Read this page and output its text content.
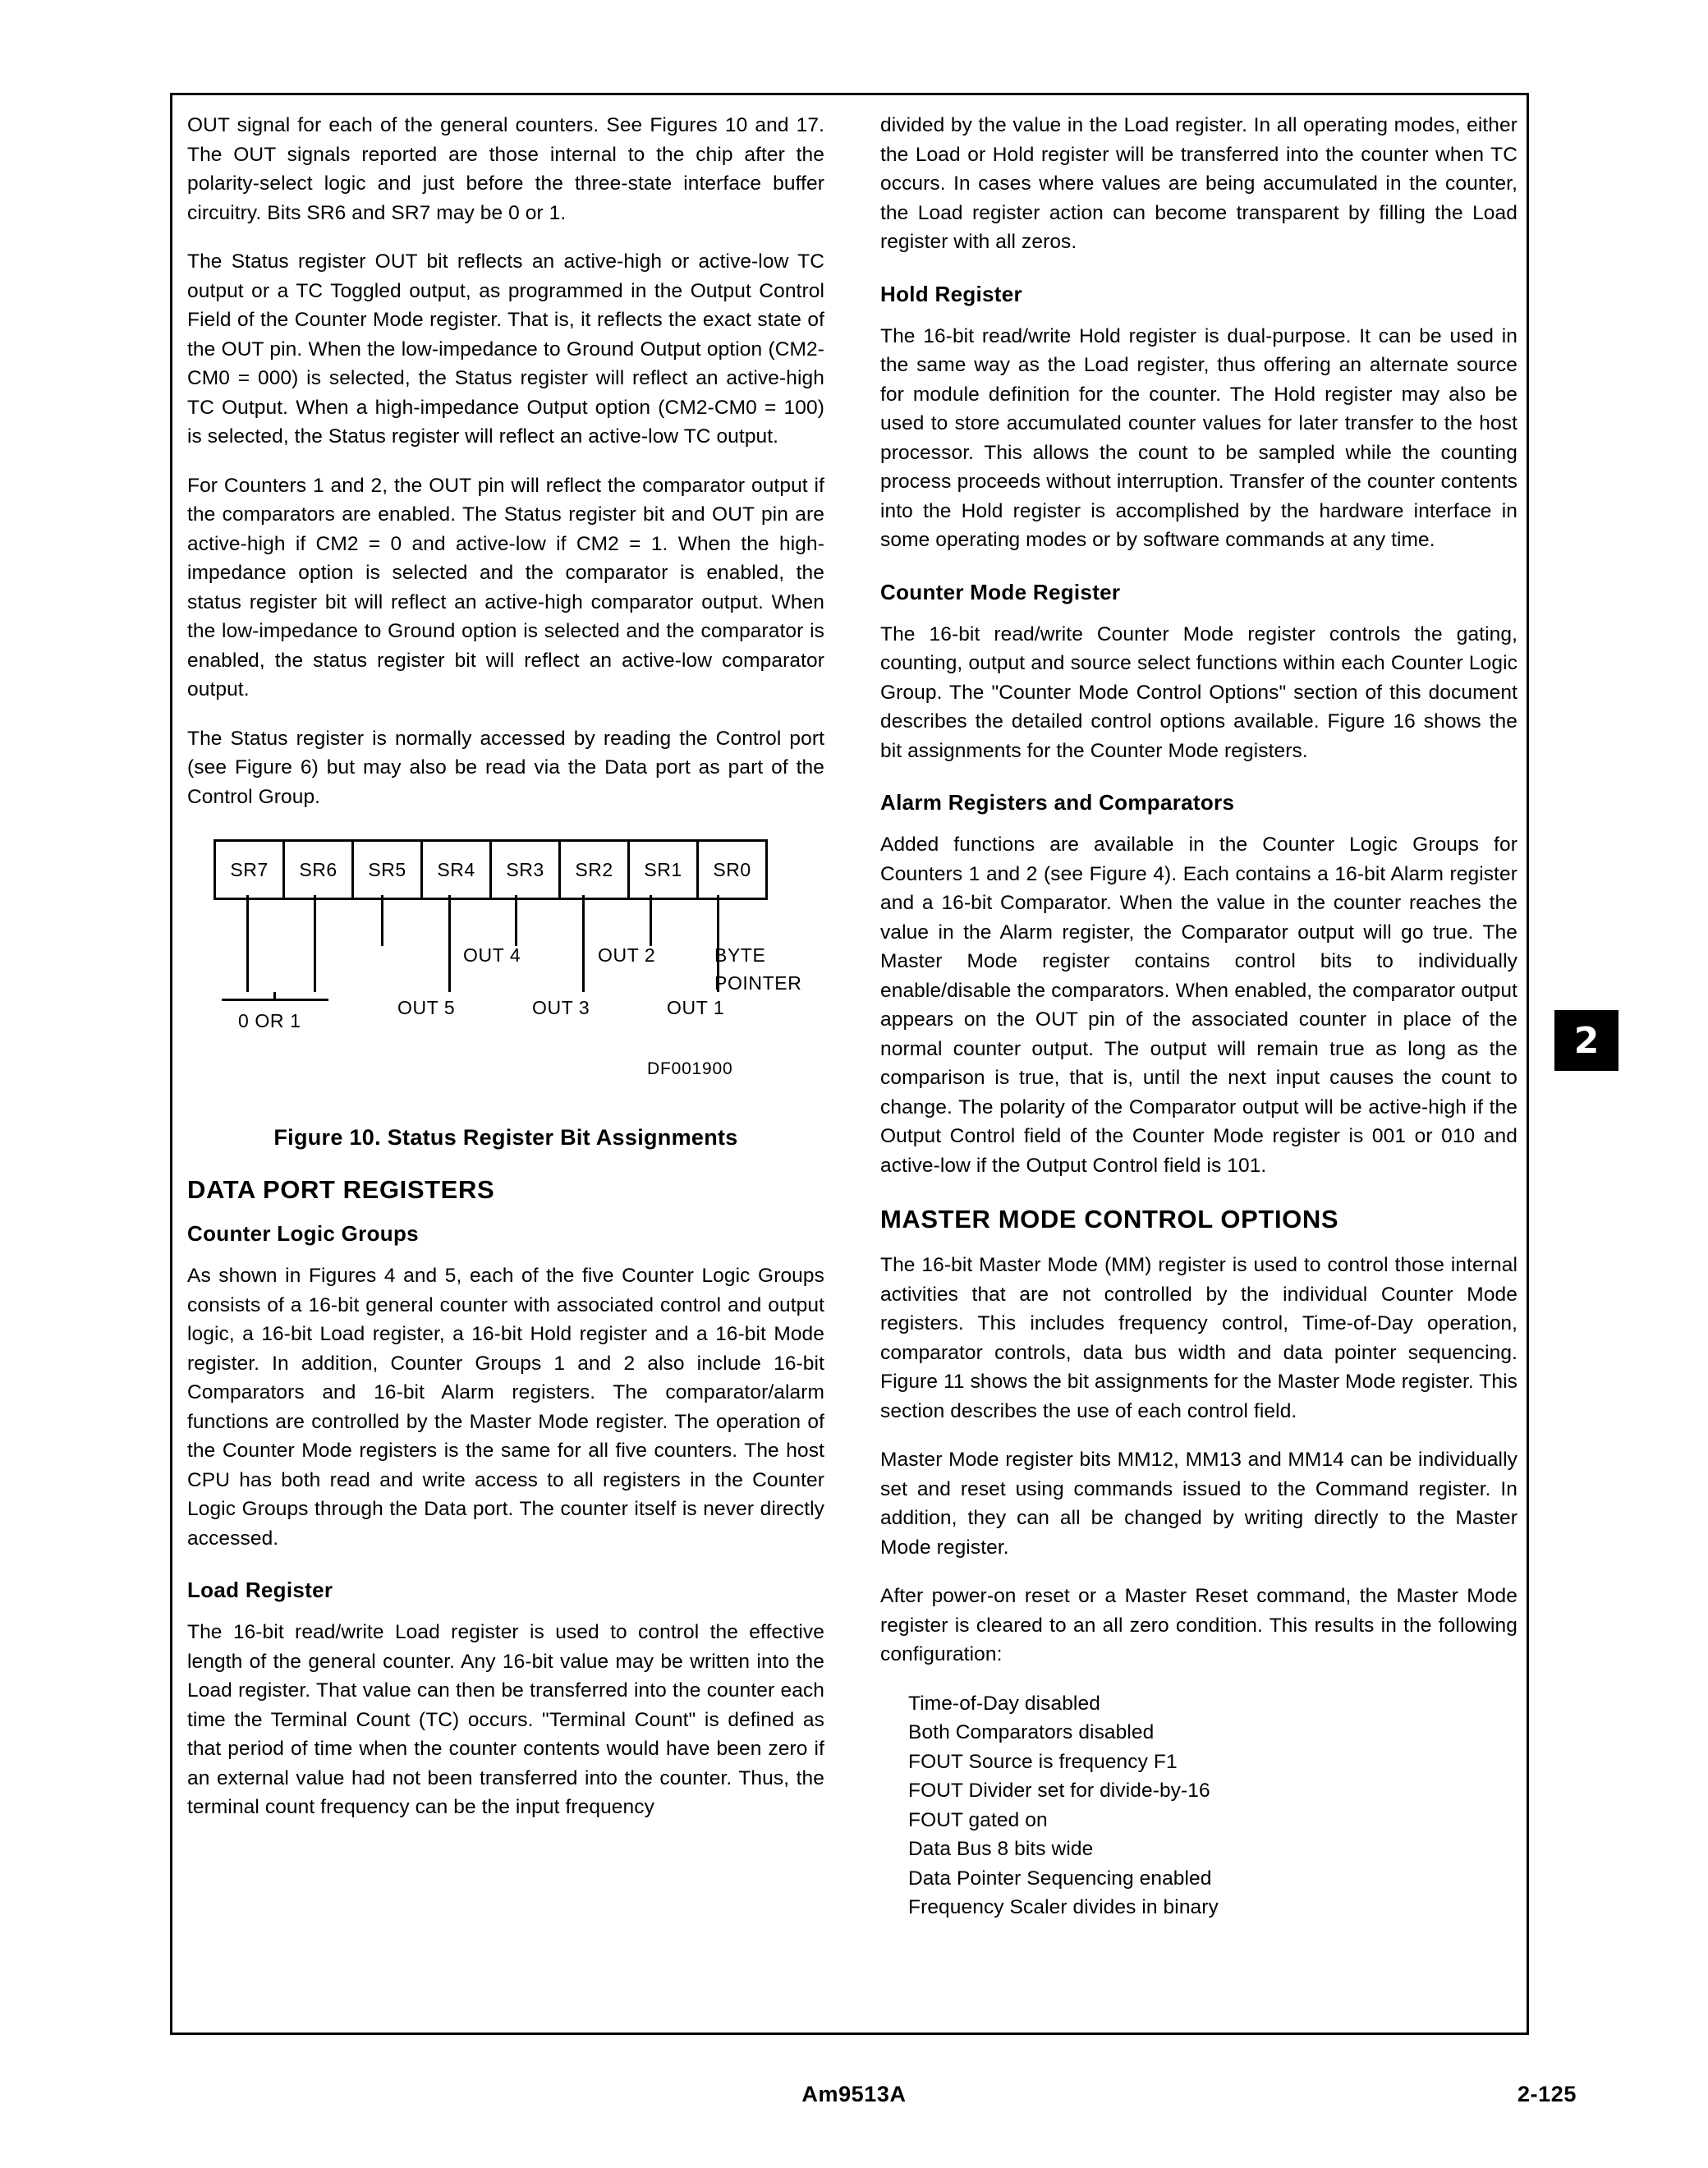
OUT signal for each of the general counters. See Figures 10 and 17. The OUT signals reported are those internal to the chip after the polarity-select logic and just before the three-state interface buffer circuitry. Bits SR6 and SR7 may be 0 or 1.

The Status register OUT bit reflects an active-high or active-low TC output or a TC Toggled output, as programmed in the Output Control Field of the Counter Mode register. That is, it reflects the exact state of the OUT pin. When the low-impedance to Ground Output option (CM2-CM0 = 000) is selected, the Status register will reflect an active-high TC Output. When a high-impedance Output option (CM2-CM0 = 100) is selected, the Status register will reflect an active-low TC output.

For Counters 1 and 2, the OUT pin will reflect the comparator output if the comparators are enabled. The Status register bit and OUT pin are active-high if CM2 = 0 and active-low if CM2 = 1. When the high-impedance option is selected and the comparator is enabled, the status register bit will reflect an active-high comparator output. When the low-impedance to Ground option is selected and the comparator is enabled, the status register bit will reflect an active-low comparator output.

The Status register is normally accessed by reading the Control port (see Figure 6) but may also be read via the Data port as part of the Control Group.

SR7	SR6	SR5	SR4	SR3	SR2	SR1	SR0
0 OR 1
OUT 4	OUT 2	BYTE
POINTER
OUT 5	OUT 3	OUT 1
DF001900
Figure 10. Status Register Bit Assignments
DATA PORT REGISTERS
Counter Logic Groups

As shown in Figures 4 and 5, each of the five Counter Logic Groups consists of a 16-bit general counter with associated control and output logic, a 16-bit Load register, a 16-bit Hold register and a 16-bit Mode register. In addition, Counter Groups 1 and 2 also include 16-bit Comparators and 16-bit Alarm registers. The comparator/alarm functions are controlled by the Master Mode register. The operation of the Counter Mode registers is the same for all five counters. The host CPU has both read and write access to all registers in the Counter Logic Groups through the Data port. The counter itself is never directly accessed.

Load Register

The 16-bit read/write Load register is used to control the effective length of the general counter. Any 16-bit value may be written into the Load register. That value can then be transferred into the counter each time the Terminal Count (TC) occurs. "Terminal Count" is defined as that period of time when the counter contents would have been zero if an external value had not been transferred into the counter. Thus, the terminal count frequency can be the input frequency

divided by the value in the Load register. In all operating modes, either the Load or Hold register will be transferred into the counter when TC occurs. In cases where values are being accumulated in the counter, the Load register action can become transparent by filling the Load register with all zeros.

Hold Register

The 16-bit read/write Hold register is dual-purpose. It can be used in the same way as the Load register, thus offering an alternate source for module definition for the counter. The Hold register may also be used to store accumulated counter values for later transfer to the host processor. This allows the count to be sampled while the counting process proceeds without interruption. Transfer of the counter contents into the Hold register is accomplished by the hardware interface in some operating modes or by software commands at any time.

Counter Mode Register

The 16-bit read/write Counter Mode register controls the gating, counting, output and source select functions within each Counter Logic Group. The "Counter Mode Control Options" section of this document describes the detailed control options available. Figure 16 shows the bit assignments for the Counter Mode registers.

Alarm Registers and Comparators

Added functions are available in the Counter Logic Groups for Counters 1 and 2 (see Figure 4). Each contains a 16-bit Alarm register and a 16-bit Comparator. When the value in the counter reaches the value in the Alarm register, the Comparator output will go true. The Master Mode register contains control bits to individually enable/disable the comparators. When enabled, the comparator output appears on the OUT pin of the associated counter in place of the normal counter output. The output will remain true as long as the comparison is true, that is, until the next input causes the count to change. The polarity of the Comparator output will be active-high if the Output Control field of the Counter Mode register is 001 or 010 and active-low if the Output Control field is 101.

MASTER MODE CONTROL OPTIONS

The 16-bit Master Mode (MM) register is used to control those internal activities that are not controlled by the individual Counter Mode registers. This includes frequency control, Time-of-Day operation, comparator controls, data bus width and data pointer sequencing. Figure 11 shows the bit assignments for the Master Mode register. This section describes the use of each control field.

Master Mode register bits MM12, MM13 and MM14 can be individually set and reset using commands issued to the Command register. In addition, they can all be changed by writing directly to the Master Mode register.

After power-on reset or a Master Reset command, the Master Mode register is cleared to an all zero condition. This results in the following configuration:

Time-of-Day disabled
Both Comparators disabled
FOUT Source is frequency F1
FOUT Divider set for divide-by-16
FOUT gated on
Data Bus 8 bits wide
Data Pointer Sequencing enabled
Frequency Scaler divides in binary
2
Am9513A	2-125
